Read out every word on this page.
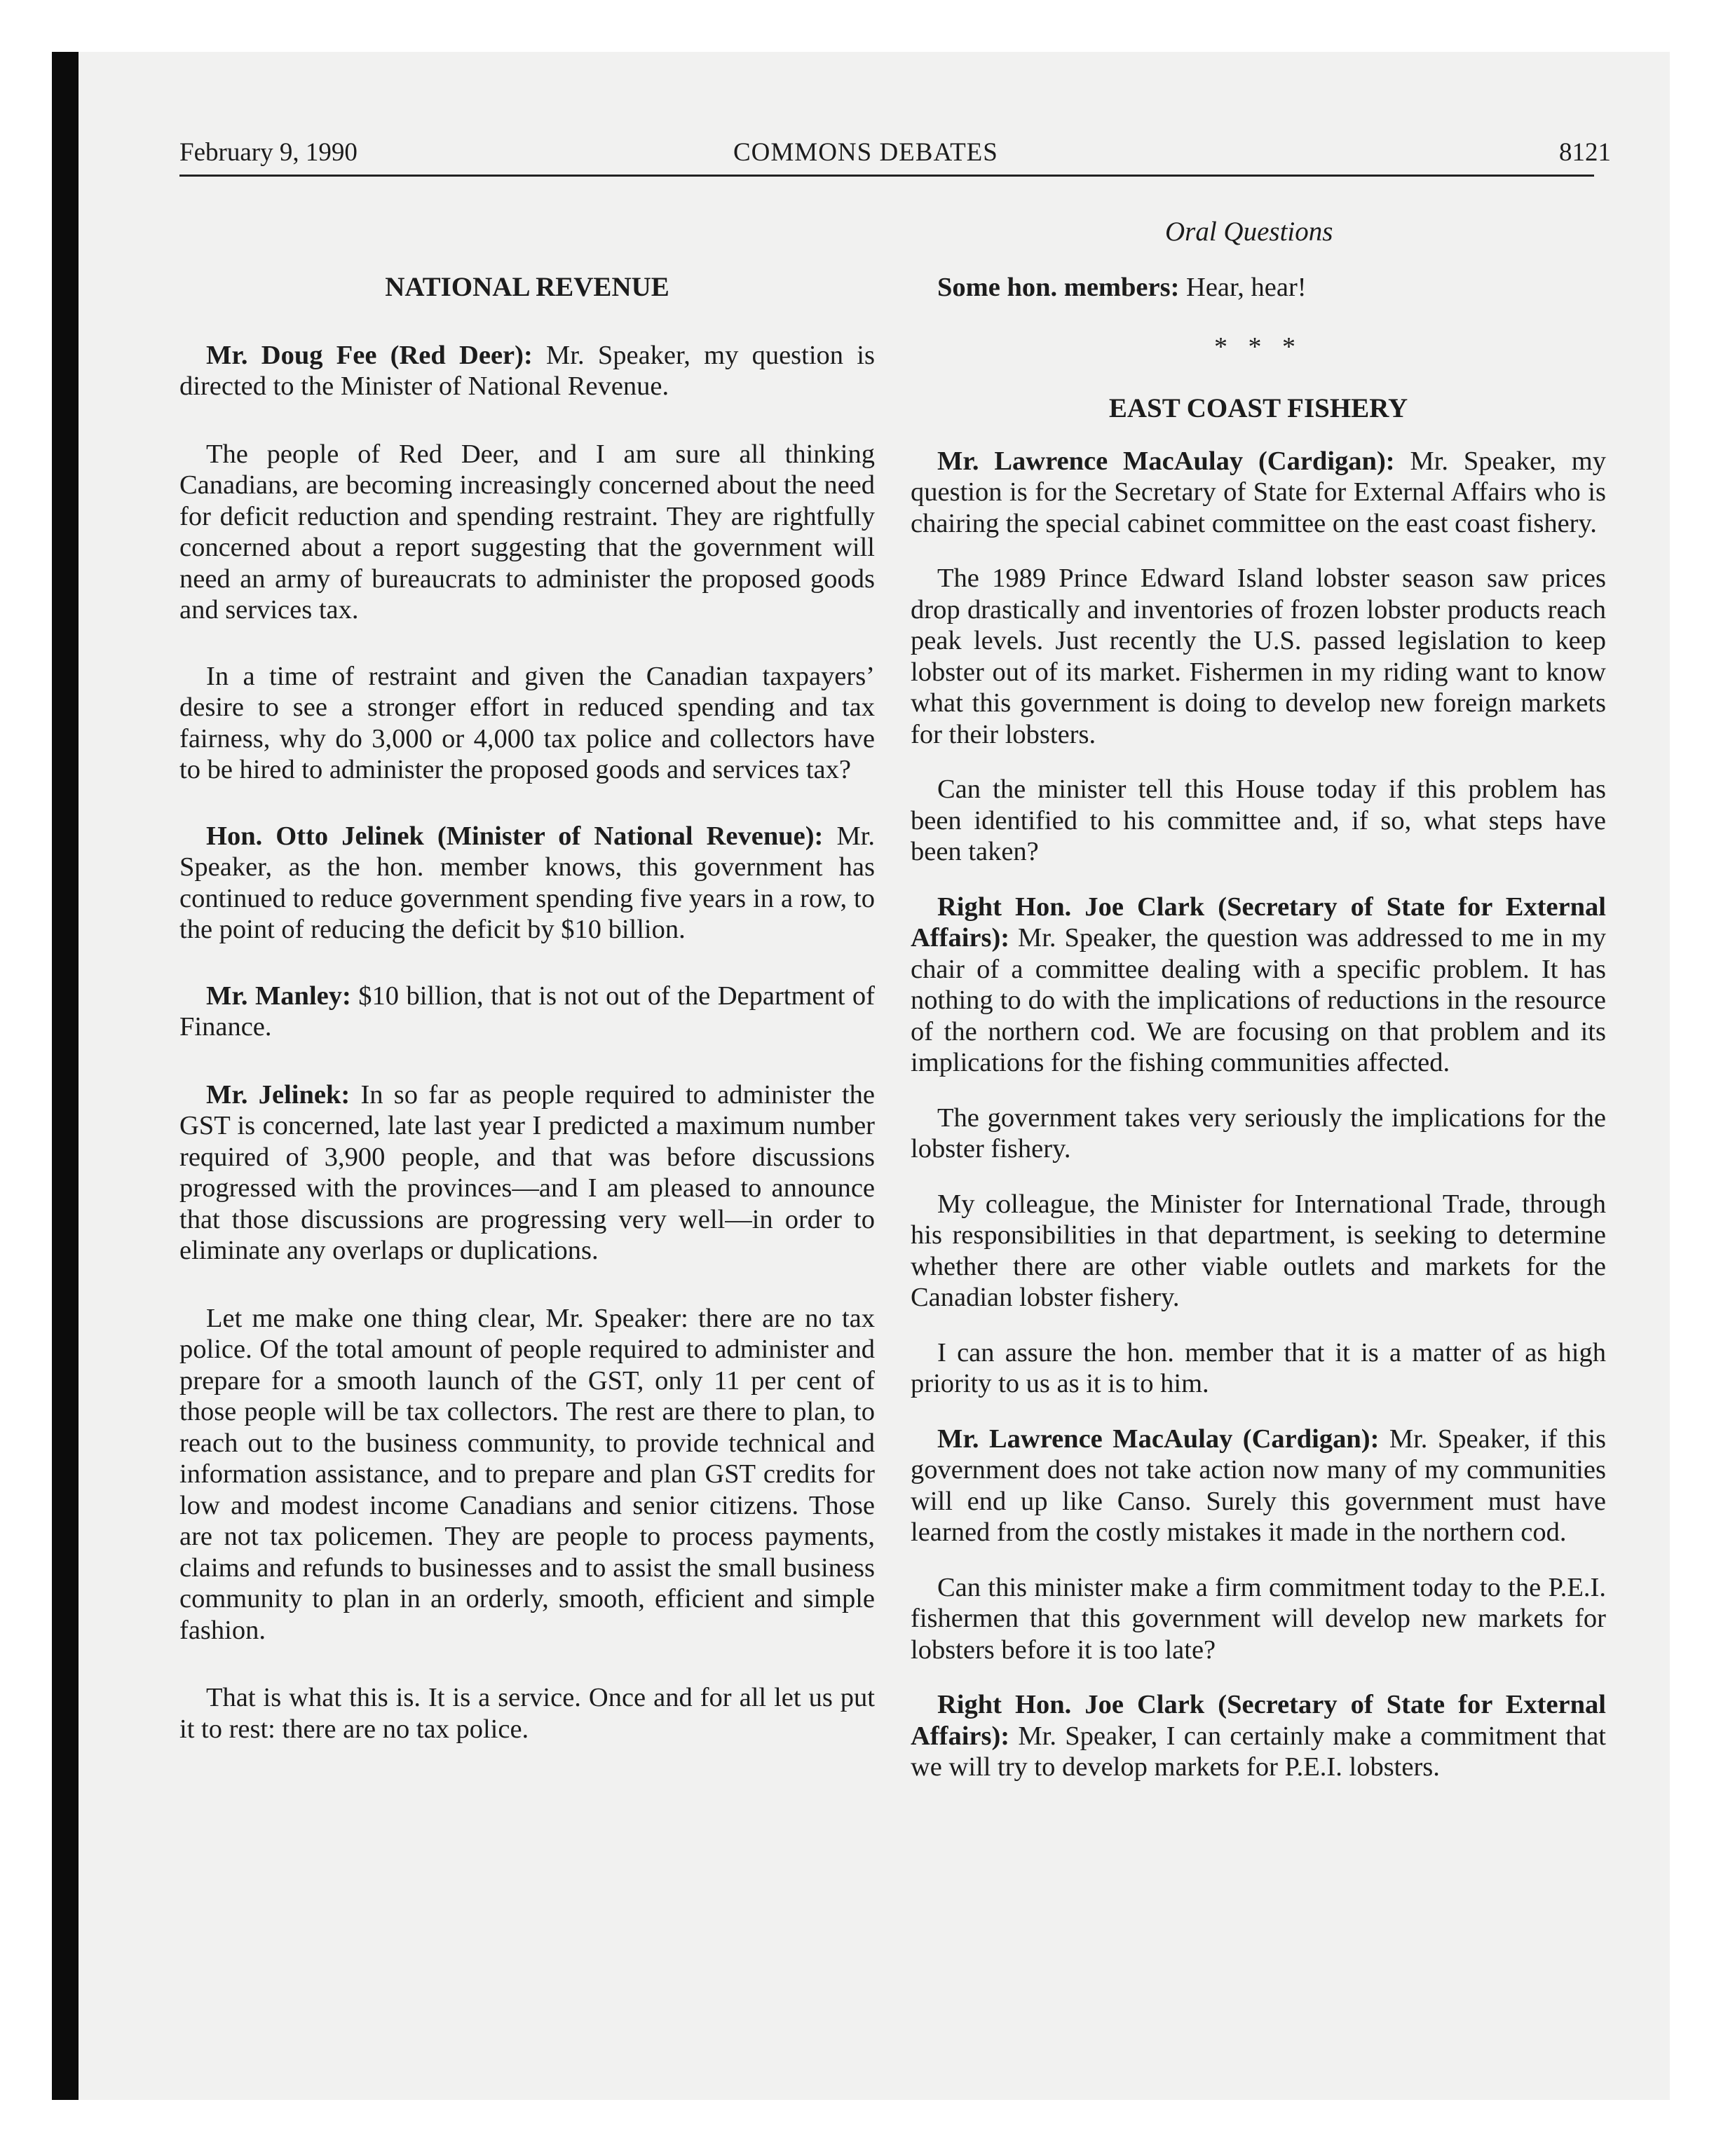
February 9, 1990	COMMONS DEBATES	8121
Oral Questions
NATIONAL REVENUE

Mr. Doug Fee (Red Deer): Mr. Speaker, my question is directed to the Minister of National Revenue.

The people of Red Deer, and I am sure all thinking Canadians, are becoming increasingly concerned about the need for deficit reduction and spending restraint. They are rightfully concerned about a report suggesting that the government will need an army of bureaucrats to administer the proposed goods and services tax.

In a time of restraint and given the Canadian taxpayers’ desire to see a stronger effort in reduced spending and tax fairness, why do 3,000 or 4,000 tax police and collectors have to be hired to administer the proposed goods and services tax?

Hon. Otto Jelinek (Minister of National Revenue): Mr. Speaker, as the hon. member knows, this government has continued to reduce government spending five years in a row, to the point of reducing the deficit by $10 billion.

Mr. Manley: $10 billion, that is not out of the Department of Finance.

Mr. Jelinek: In so far as people required to administer the GST is concerned, late last year I predicted a maximum number required of 3,900 people, and that was before discussions progressed with the provinces—and I am pleased to announce that those discussions are progressing very well—in order to eliminate any overlaps or duplications.

Let me make one thing clear, Mr. Speaker: there are no tax police. Of the total amount of people required to administer and prepare for a smooth launch of the GST, only 11 per cent of those people will be tax collectors. The rest are there to plan, to reach out to the business community, to provide technical and information assistance, and to prepare and plan GST credits for low and modest income Canadians and senior citizens. Those are not tax policemen. They are people to process payments, claims and refunds to businesses and to assist the small business community to plan in an orderly, smooth, efficient and simple fashion.

That is what this is. It is a service. Once and for all let us put it to rest: there are no tax police.

Some hon. members: Hear, hear!

* * *

EAST COAST FISHERY

Mr. Lawrence MacAulay (Cardigan): Mr. Speaker, my question is for the Secretary of State for External Affairs who is chairing the special cabinet committee on the east coast fishery.

The 1989 Prince Edward Island lobster season saw prices drop drastically and inventories of frozen lobster products reach peak levels. Just recently the U.S. passed legislation to keep lobster out of its market. Fishermen in my riding want to know what this government is doing to develop new foreign markets for their lobsters.

Can the minister tell this House today if this problem has been identified to his committee and, if so, what steps have been taken?

Right Hon. Joe Clark (Secretary of State for External Affairs): Mr. Speaker, the question was addressed to me in my chair of a committee dealing with a specific problem. It has nothing to do with the implications of reductions in the resource of the northern cod. We are focusing on that problem and its implications for the fishing communities affected.

The government takes very seriously the implications for the lobster fishery.

My colleague, the Minister for International Trade, through his responsibilities in that department, is seeking to determine whether there are other viable outlets and markets for the Canadian lobster fishery.

I can assure the hon. member that it is a matter of as high priority to us as it is to him.

Mr. Lawrence MacAulay (Cardigan): Mr. Speaker, if this government does not take action now many of my communities will end up like Canso. Surely this government must have learned from the costly mistakes it made in the northern cod.

Can this minister make a firm commitment today to the P.E.I. fishermen that this government will develop new markets for lobsters before it is too late?

Right Hon. Joe Clark (Secretary of State for External Affairs): Mr. Speaker, I can certainly make a commitment that we will try to develop markets for P.E.I. lobsters.
